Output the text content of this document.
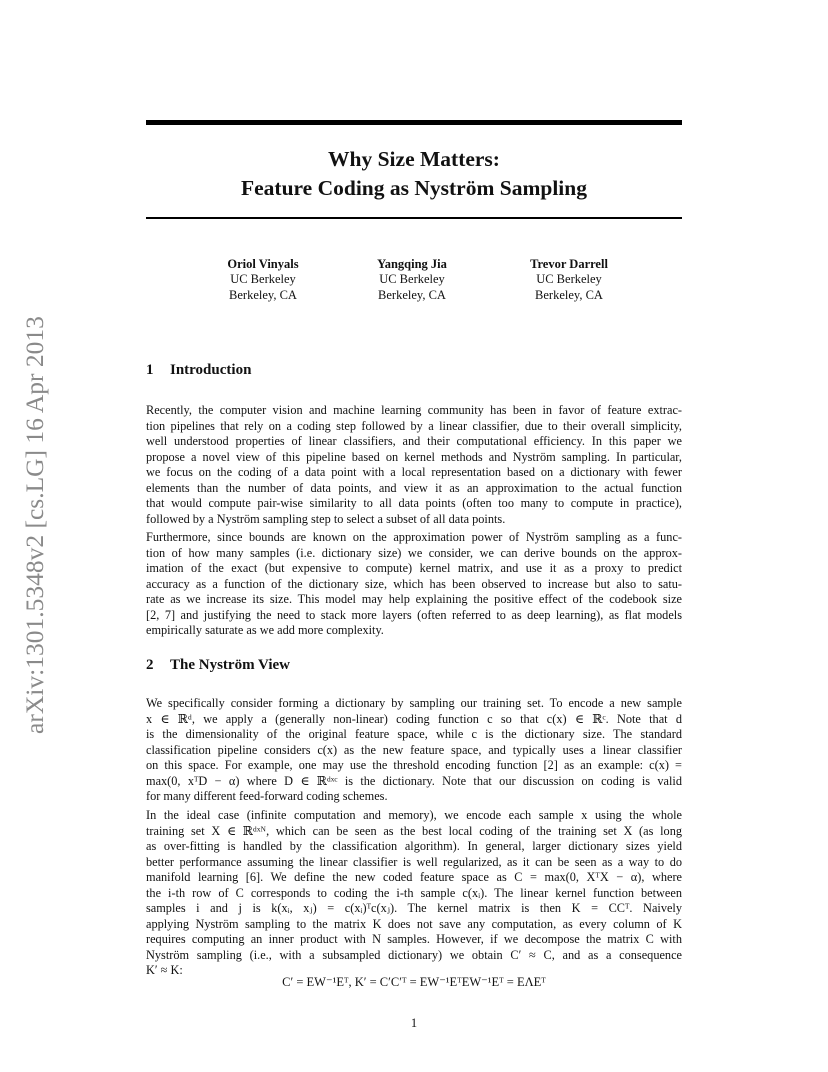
Why Size Matters:
Feature Coding as Nyström Sampling
arXiv:1301.5348v2 [cs.LG] 16 Apr 2013
Oriol Vinyals
UC Berkeley
Berkeley, CA
Yangqing Jia
UC Berkeley
Berkeley, CA
Trevor Darrell
UC Berkeley
Berkeley, CA
1 Introduction
Recently, the computer vision and machine learning community has been in favor of feature extrac-
tion pipelines that rely on a coding step followed by a linear classifier, due to their overall simplicity,
well understood properties of linear classifiers, and their computational efficiency. In this paper we
propose a novel view of this pipeline based on kernel methods and Nyström sampling. In particular,
we focus on the coding of a data point with a local representation based on a dictionary with fewer
elements than the number of data points, and view it as an approximation to the actual function
that would compute pair-wise similarity to all data points (often too many to compute in practice),
followed by a Nyström sampling step to select a subset of all data points.
Furthermore, since bounds are known on the approximation power of Nyström sampling as a func-
tion of how many samples (i.e. dictionary size) we consider, we can derive bounds on the approx-
imation of the exact (but expensive to compute) kernel matrix, and use it as a proxy to predict
accuracy as a function of the dictionary size, which has been observed to increase but also to satu-
rate as we increase its size. This model may help explaining the positive effect of the codebook size
[2, 7] and justifying the need to stack more layers (often referred to as deep learning), as flat models
empirically saturate as we add more complexity.
2 The Nyström View
We specifically consider forming a dictionary by sampling our training set. To encode a new sample
x ∈ ℝᵈ, we apply a (generally non-linear) coding function c so that c(x) ∈ ℝᶜ. Note that d
is the dimensionality of the original feature space, while c is the dictionary size. The standard
classification pipeline considers c(x) as the new feature space, and typically uses a linear classifier
on this space. For example, one may use the threshold encoding function [2] as an example: c(x) =
max(0, xᵀD − α) where D ∈ ℝᵈˣᶜ is the dictionary. Note that our discussion on coding is valid
for many different feed-forward coding schemes.
In the ideal case (infinite computation and memory), we encode each sample x using the whole
training set X ∈ ℝᵈˣᴺ, which can be seen as the best local coding of the training set X (as long
as over-fitting is handled by the classification algorithm). In general, larger dictionary sizes yield
better performance assuming the linear classifier is well regularized, as it can be seen as a way to do
manifold learning [6]. We define the new coded feature space as C = max(0, XᵀX − α), where
the i-th row of C corresponds to coding the i-th sample c(xᵢ). The linear kernel function between
samples i and j is k(xᵢ, xⱼ) = c(xᵢ)ᵀc(xⱼ). The kernel matrix is then K = CCᵀ. Naively
applying Nyström sampling to the matrix K does not save any computation, as every column of K
requires computing an inner product with N samples. However, if we decompose the matrix C with
Nyström sampling (i.e., with a subsampled dictionary) we obtain C′ ≈ C, and as a consequence
K′ ≈ K:
C′ = EW⁻¹Eᵀ, K′ = C′C′ᵀ = EW⁻¹EᵀEW⁻¹Eᵀ = EΛEᵀ
1
